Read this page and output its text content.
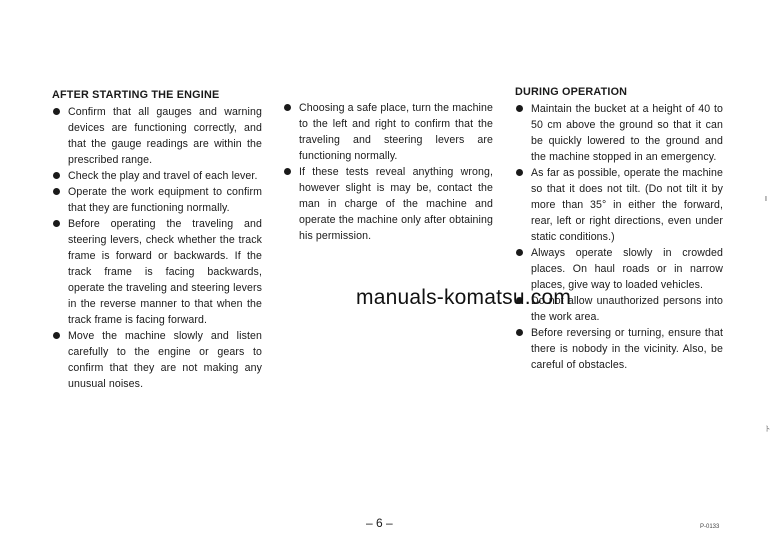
AFTER STARTING THE ENGINE
Confirm that all gauges and warning devices are functioning correctly, and that the gauge readings are within the prescribed range.
Check the play and travel of each lever.
Operate the work equipment to confirm that they are functioning normally.
Before operating the traveling and steering levers, check whether the track frame is forward or backwards. If the track frame is facing backwards, operate the traveling and steering levers in the reverse manner to that when the track frame is facing forward.
Move the machine slowly and listen carefully to the engine or gears to confirm that they are not making any unusual noises.
Choosing a safe place, turn the machine to the left and right to confirm that the traveling and steering levers are functioning normally.
If these tests reveal anything wrong, however slight is may be, contact the man in charge of the machine and operate the machine only after obtaining his permission.
DURING OPERATION
Maintain the bucket at a height of 40 to 50 cm above the ground so that it can be quickly lowered to the ground and the machine stopped in an emergency.
As far as possible, operate the machine so that it does not tilt. (Do not tilt it by more than 35° in either the forward, rear, left or right directions, even under static conditions.)
Always operate slowly in crowded places. On haul roads or in narrow places, give way to loaded vehicles.
Do not allow unauthorized persons into the work area.
Before reversing or turning, ensure that there is nobody in the vicinity. Also, be careful of obstacles.
manuals-komatsu.com
– 6 –	P-0133
I
ト
